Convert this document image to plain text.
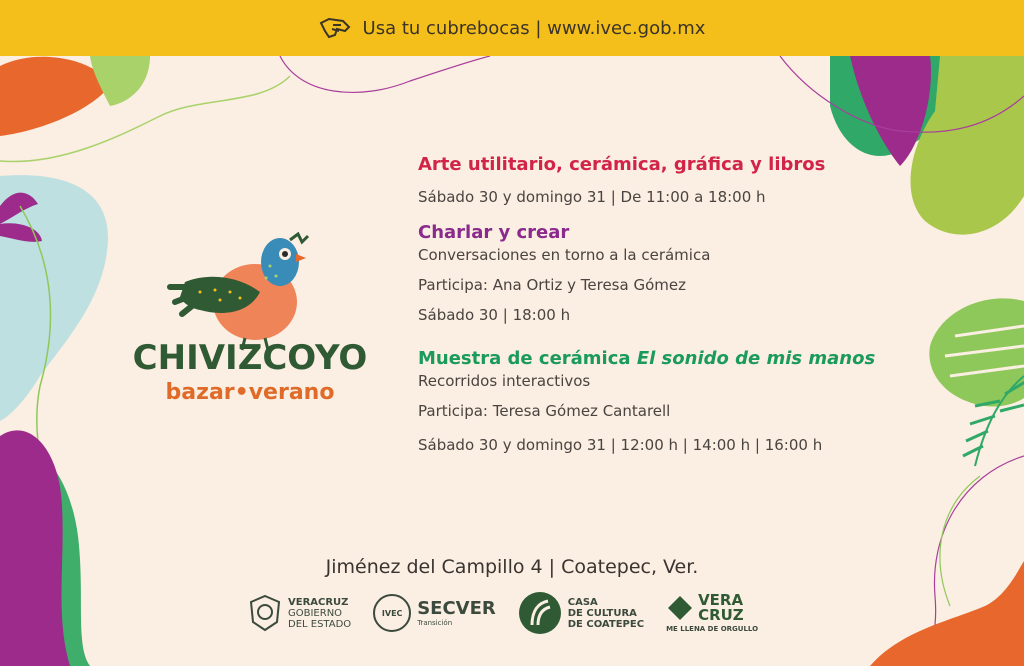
Usa tu cubrebocas | www.ivec.gob.mx
CHIVIZCOYO
bazar•verano
Arte utilitario, cerámica, gráfica y libros
Sábado 30 y domingo 31 | De 11:00 a 18:00 h
Charlar y crear
Conversaciones en torno a la cerámica
Participa: Ana Ortiz y Teresa Gómez
Sábado 30 | 18:00 h
Muestra de cerámica El sonido de mis manos
Recorridos interactivos
Participa: Teresa Gómez Cantarell
Sábado 30 y domingo 31 | 12:00 h | 14:00 h | 16:00 h
Jiménez del Campillo 4 | Coatepec, Ver.
VERACRUZ
GOBIERNO
DEL ESTADO
IVEC SECVER
Transición
CASA
DE CULTURA
DE COATEPEC
VERA
CRUZ
ME LLENA DE ORGULLO
